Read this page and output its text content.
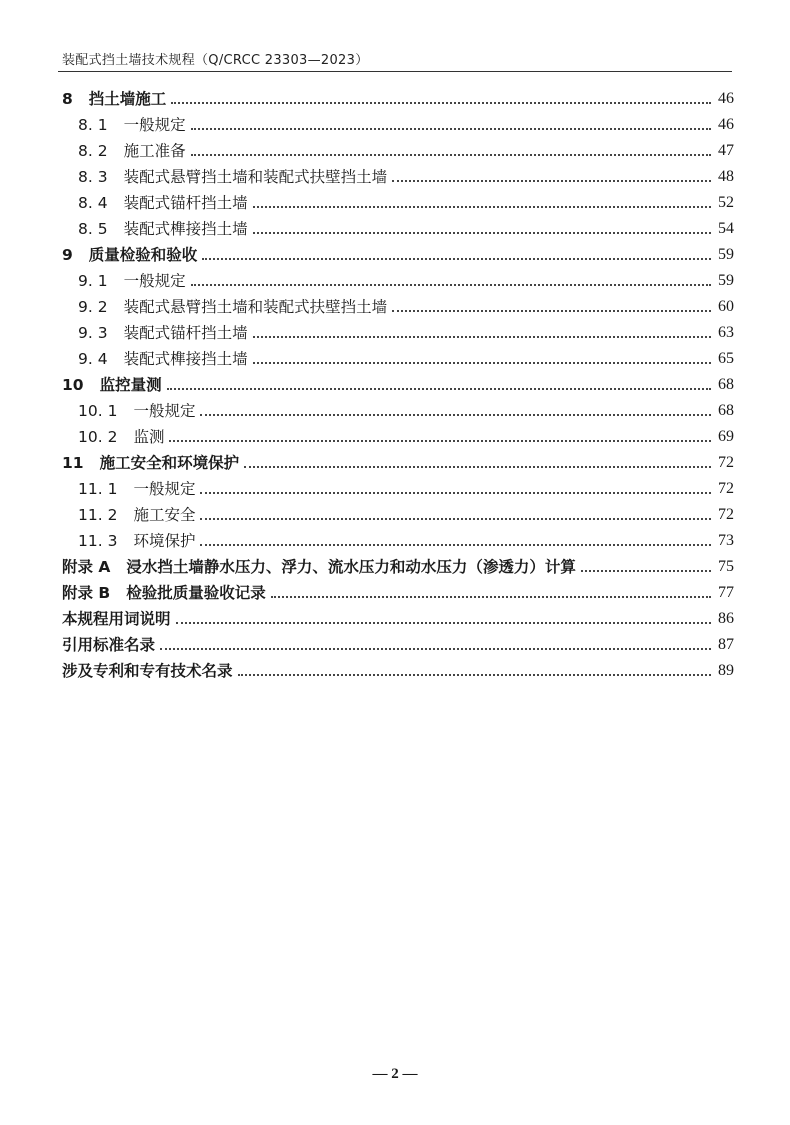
装配式挡土墙技术规程（Q/CRCC 23303—2023）
8 挡土墙施工	46
8. 1 一般规定	46
8. 2 施工准备	47
8. 3 装配式悬臂挡土墙和装配式扶壁挡土墙	48
8. 4 装配式锚杆挡土墙	52
8. 5 装配式榫接挡土墙	54
9 质量检验和验收	59
9. 1 一般规定	59
9. 2 装配式悬臂挡土墙和装配式扶壁挡土墙	60
9. 3 装配式锚杆挡土墙	63
9. 4 装配式榫接挡土墙	65
10 监控量测	68
10. 1 一般规定	68
10. 2 监测	69
11 施工安全和环境保护	72
11. 1 一般规定	72
11. 2 施工安全	72
11. 3 环境保护	73
附录 A 浸水挡土墙静水压力、浮力、流水压力和动水压力（渗透力）计算	75
附录 B 检验批质量验收记录	77
本规程用词说明	86
引用标准名录	87
涉及专利和专有技术名录	89
— 2 —
